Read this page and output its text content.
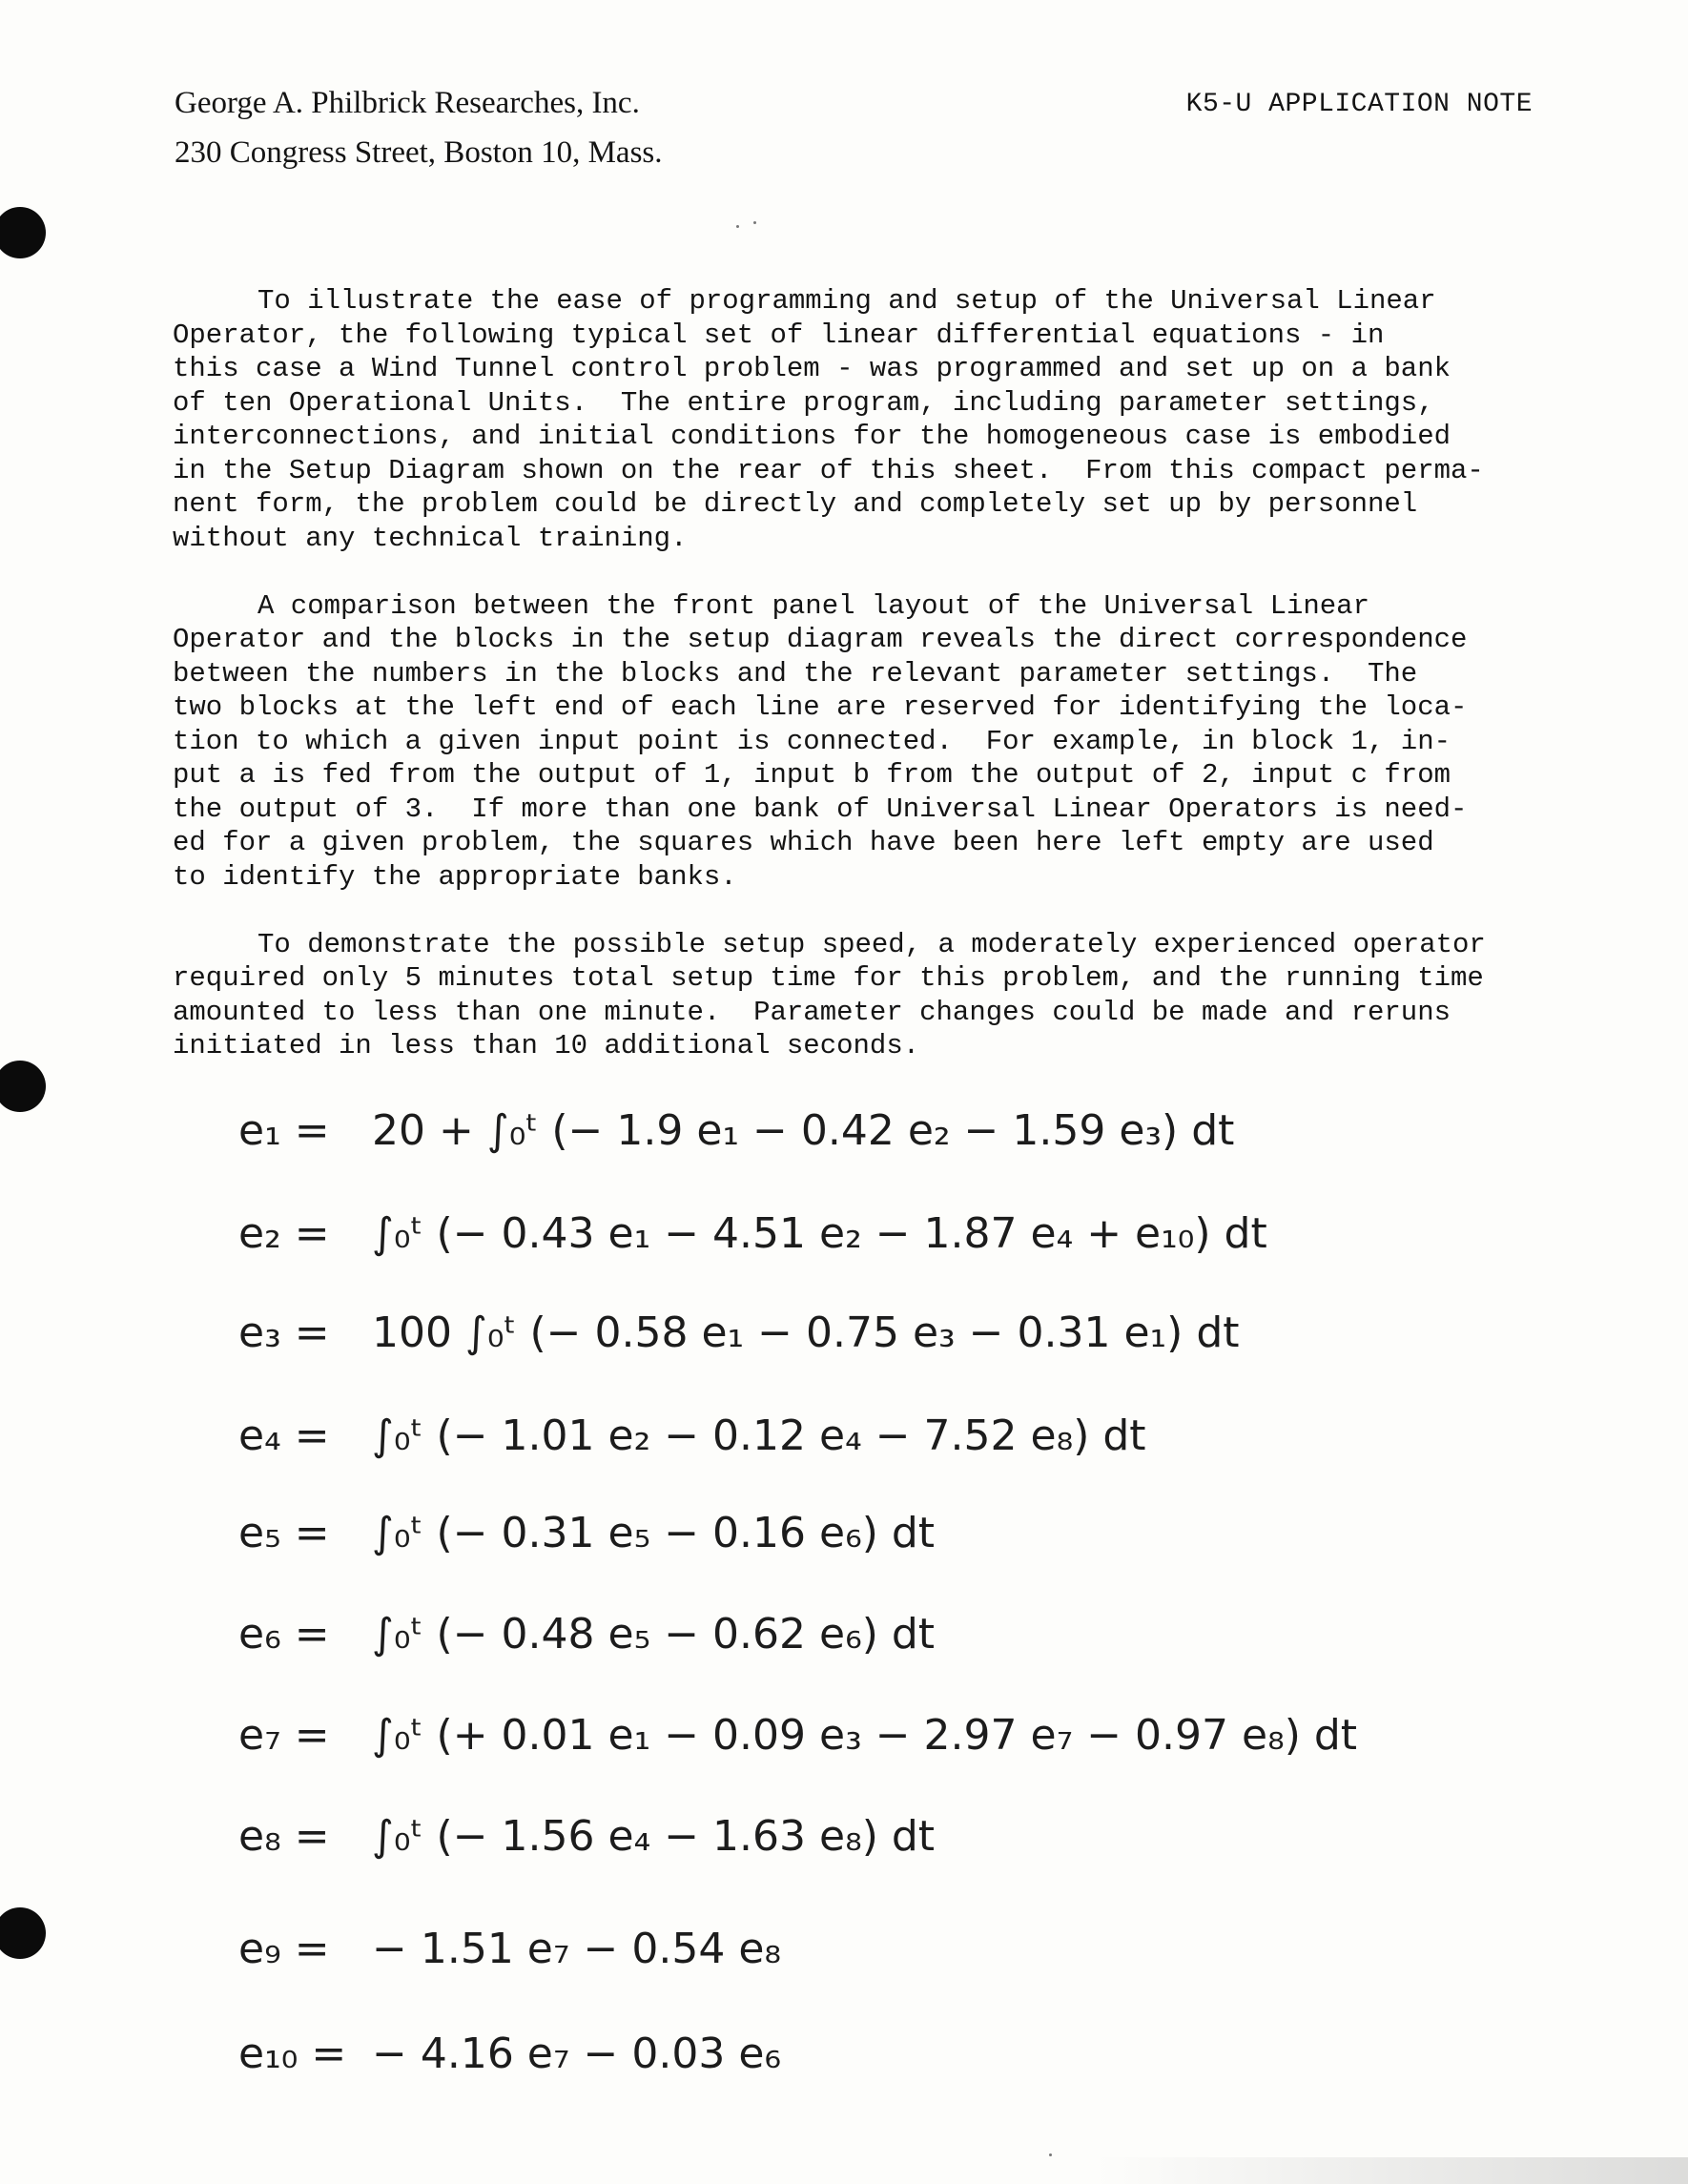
George A. Philbrick Researches, Inc.
230 Congress Street, Boston 10, Mass.
K5-U APPLICATION NOTE
To illustrate the ease of programming and setup of the Universal Linear
Operator, the following typical set of linear differential equations - in
this case a Wind Tunnel control problem - was programmed and set up on a bank
of ten Operational Units.  The entire program, including parameter settings,
interconnections, and initial conditions for the homogeneous case is embodied
in the Setup Diagram shown on the rear of this sheet.  From this compact perma-
nent form, the problem could be directly and completely set up by personnel
without any technical training.
A comparison between the front panel layout of the Universal Linear
Operator and the blocks in the setup diagram reveals the direct correspondence
between the numbers in the blocks and the relevant parameter settings.  The
two blocks at the left end of each line are reserved for identifying the loca-
tion to which a given input point is connected.  For example, in block 1, in-
put a is fed from the output of 1, input b from the output of 2, input c from
the output of 3.  If more than one bank of Universal Linear Operators is need-
ed for a given problem, the squares which have been here left empty are used
to identify the appropriate banks.
To demonstrate the possible setup speed, a moderately experienced operator
required only 5 minutes total setup time for this problem, and the running time
amounted to less than one minute.  Parameter changes could be made and reruns
initiated in less than 10 additional seconds.
e₁ = 20 + ∫₀ᵗ (− 1.9 e₁ − 0.42 e₂ − 1.59 e₃) dt
e₂ = ∫₀ᵗ (− 0.43 e₁ − 4.51 e₂ − 1.87 e₄ + e₁₀) dt
e₃ = 100 ∫₀ᵗ (− 0.58 e₁ − 0.75 e₃ − 0.31 e₁) dt
e₄ = ∫₀ᵗ (− 1.01 e₂ − 0.12 e₄ − 7.52 e₈) dt
e₅ = ∫₀ᵗ (− 0.31 e₅ − 0.16 e₆) dt
e₆ = ∫₀ᵗ (− 0.48 e₅ − 0.62 e₆) dt
e₇ = ∫₀ᵗ (+ 0.01 e₁ − 0.09 e₃ − 2.97 e₇ − 0.97 e₈) dt
e₈ = ∫₀ᵗ (− 1.56 e₄ − 1.63 e₈) dt
e₉ = − 1.51 e₇ − 0.54 e₈
e₁₀ = − 4.16 e₇ − 0.03 e₆
